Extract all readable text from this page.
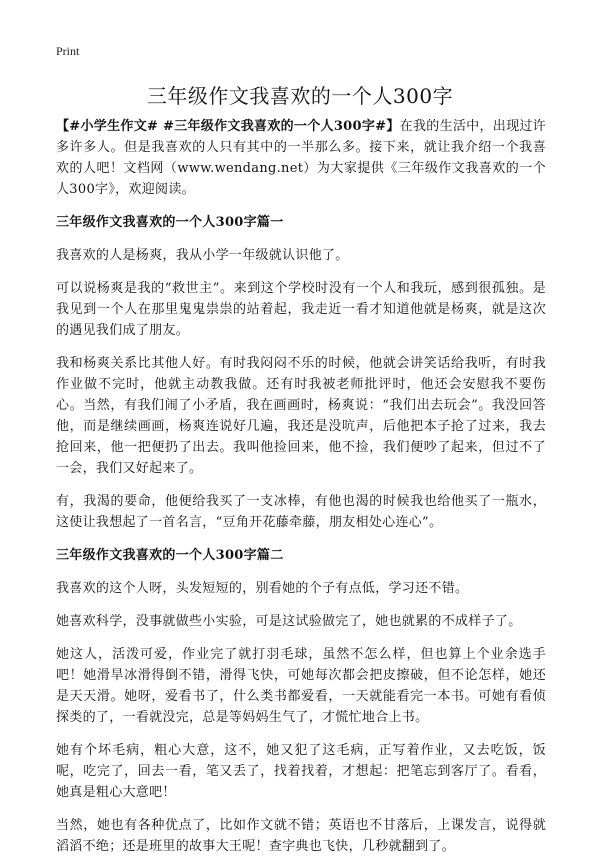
Print
三年级作文我喜欢的一个人300字

【#小学生作文# #三年级作文我喜欢的一个人300字#】在我的生活中，出现过许多许多人。但是我喜欢的人只有其中的一半那么多。接下来，就让我介绍一个我喜欢的人吧！文档网（www.wendang.net）为大家提供《三年级作文我喜欢的一个人300字》，欢迎阅读。

三年级作文我喜欢的一个人300字篇一

我喜欢的人是杨爽，我从小学一年级就认识他了。

可以说杨爽是我的“救世主”。来到这个学校时没有一个人和我玩，感到很孤独。是我见到一个人在那里鬼鬼祟祟的站着起，我走近一看才知道他就是杨爽，就是这次的遇见我们成了朋友。

我和杨爽关系比其他人好。有时我闷闷不乐的时候，他就会讲笑话给我听，有时我作业做不完时，他就主动教我做。还有时我被老师批评时，他还会安慰我不要伤心。当然，有我们闹了小矛盾，我在画画时，杨爽说：“我们出去玩会”。我没回答他，而是继续画画，杨爽连说好几遍，我还是没吭声，后他把本子抢了过来，我去抢回来，他一把便扔了出去。我叫他捡回来，他不捡，我们便吵了起来，但过不了一会，我们又好起来了。

有，我渴的要命，他便给我买了一支冰棒，有他也渴的时候我也给他买了一瓶水，这使让我想起了一首名言，“豆角开花藤牵藤，朋友相处心连心”。

三年级作文我喜欢的一个人300字篇二

我喜欢的这个人呀，头发短短的，别看她的个子有点低，学习还不错。

她喜欢科学，没事就做些小实验，可是这试验做完了，她也就累的不成样子了。

她这人，活泼可爱，作业完了就打羽毛球，虽然不怎么样，但也算上个业余选手吧！她滑旱冰滑得倒不错，滑得飞快，可她每次都会把皮擦破，但不论怎样，她还是天天滑。她呀，爱看书了，什么类书都爱看，一天就能看完一本书。可她有看侦探类的了，一看就没完，总是等妈妈生气了，才慌忙地合上书。

她有个坏毛病，粗心大意，这不，她又犯了这毛病，正写着作业，又去吃饭，饭呢，吃完了，回去一看，笔又丢了，找着找着，才想起：把笔忘到客厅了。看看，她真是粗心大意吧！

当然，她也有各种优点了，比如作文就不错；英语也不甘落后，上课发言，说得就滔滔不绝；还是班里的故事大王呢！查字典也飞快，几秒就翻到了。
